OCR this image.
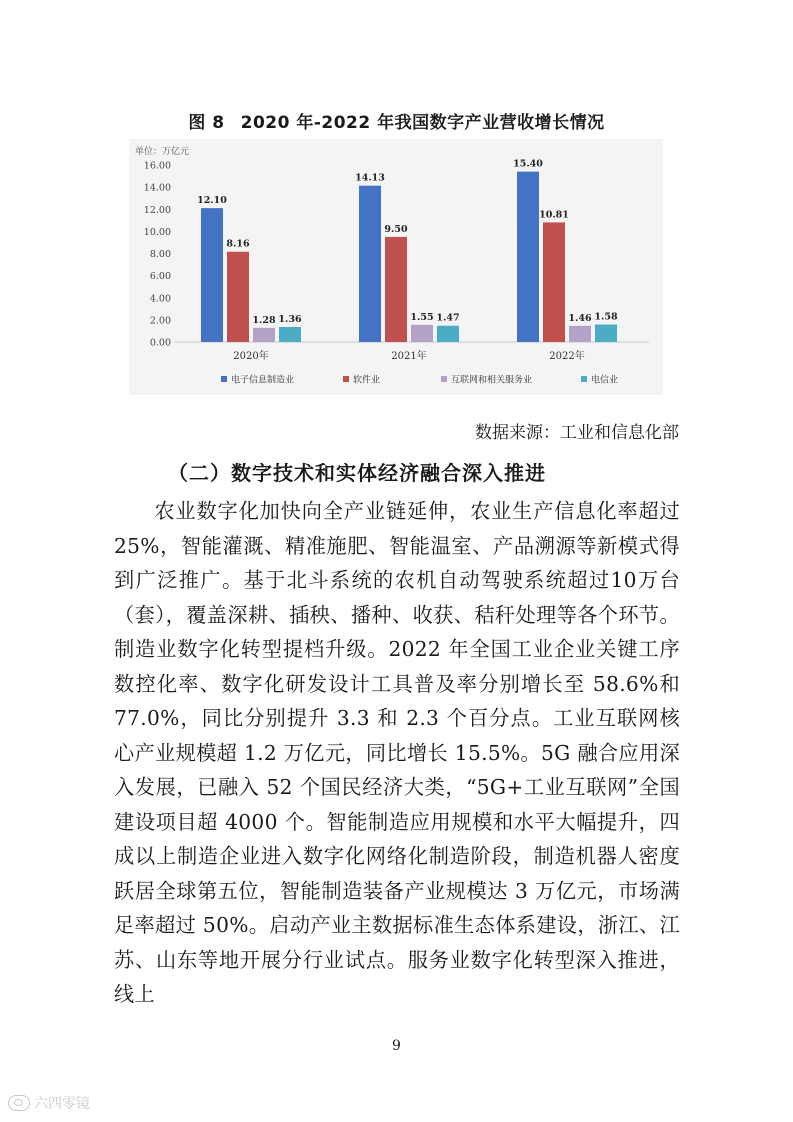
图 8 2020 年-2022 年我国数字产业营收增长情况
单位：万亿元
0.00
2.00
4.00
6.00
8.00
10.00
12.00
14.00
16.00
12.10
8.16
1.28 1.36
2020年
14.13
9.50
1.55 1.47
2021年
15.40
10.81
1.46 1.58
2022年
电子信息制造业	软件业	互联网和相关服务业	电信业
数据来源：工业和信息化部
（二）数字技术和实体经济融合深入推进
农业数字化加快向全产业链延伸，农业生产信息化率超过25%，智能灌溉、精准施肥、智能温室、产品溯源等新模式得到广泛推广。基于北斗系统的农机自动驾驶系统超过10万台（套），覆盖深耕、插秧、播种、收获、秸秆处理等各个环节。制造业数字化转型提档升级。2022 年全国工业企业关键工序数控化率、数字化研发设计工具普及率分别增长至 58.6%和77.0%，同比分别提升 3.3 和 2.3 个百分点。工业互联网核心产业规模超 1.2 万亿元，同比增长 15.5%。5G 融合应用深入发展，已融入 52 个国民经济大类，“5G+工业互联网”全国建设项目超 4000 个。智能制造应用规模和水平大幅提升，四成以上制造企业进入数字化网络化制造阶段，制造机器人密度跃居全球第五位，智能制造装备产业规模达 3 万亿元，市场满足率超过 50%。启动产业主数据标准生态体系建设，浙江、江苏、山东等地开展分行业试点。服务业数字化转型深入推进，线上
9
六四零镜
